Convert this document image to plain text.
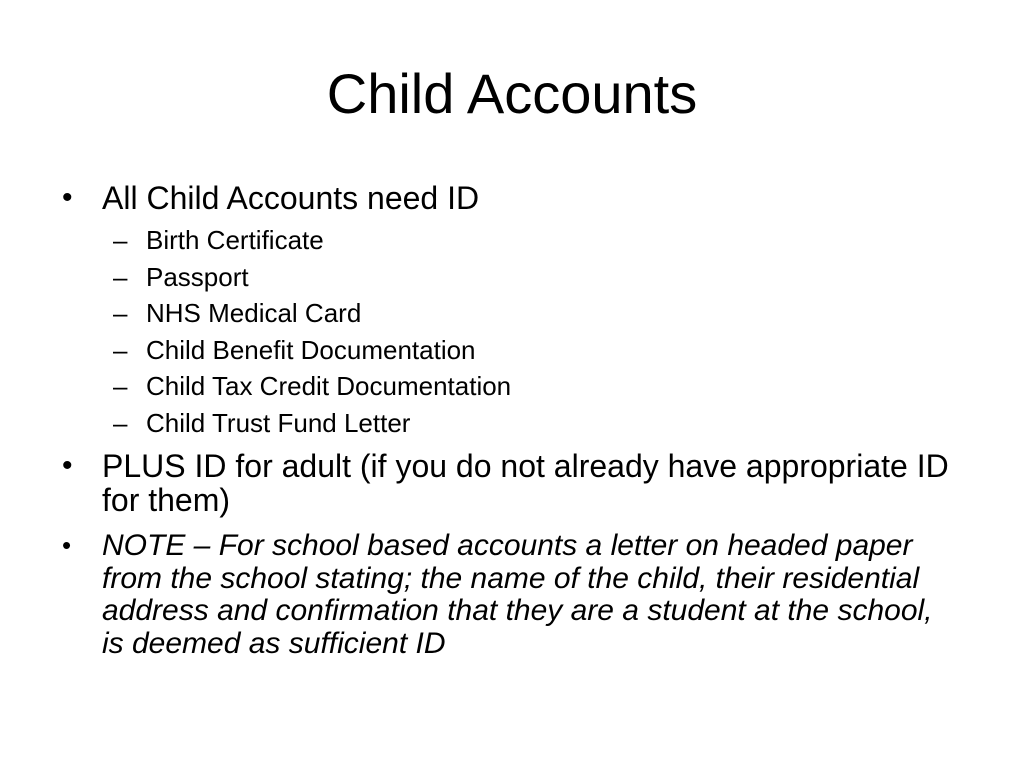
Child Accounts
• All Child Accounts need ID
– Birth Certificate
– Passport
– NHS Medical Card
– Child Benefit Documentation
– Child Tax Credit Documentation
– Child Trust Fund Letter
• PLUS ID for adult (if you do not already have appropriate ID for them)
•	NOTE – For school based accounts a letter on headed paper from the school stating; the name of the child, their residential address and confirmation that they are a student at the school, is deemed as sufficient ID
